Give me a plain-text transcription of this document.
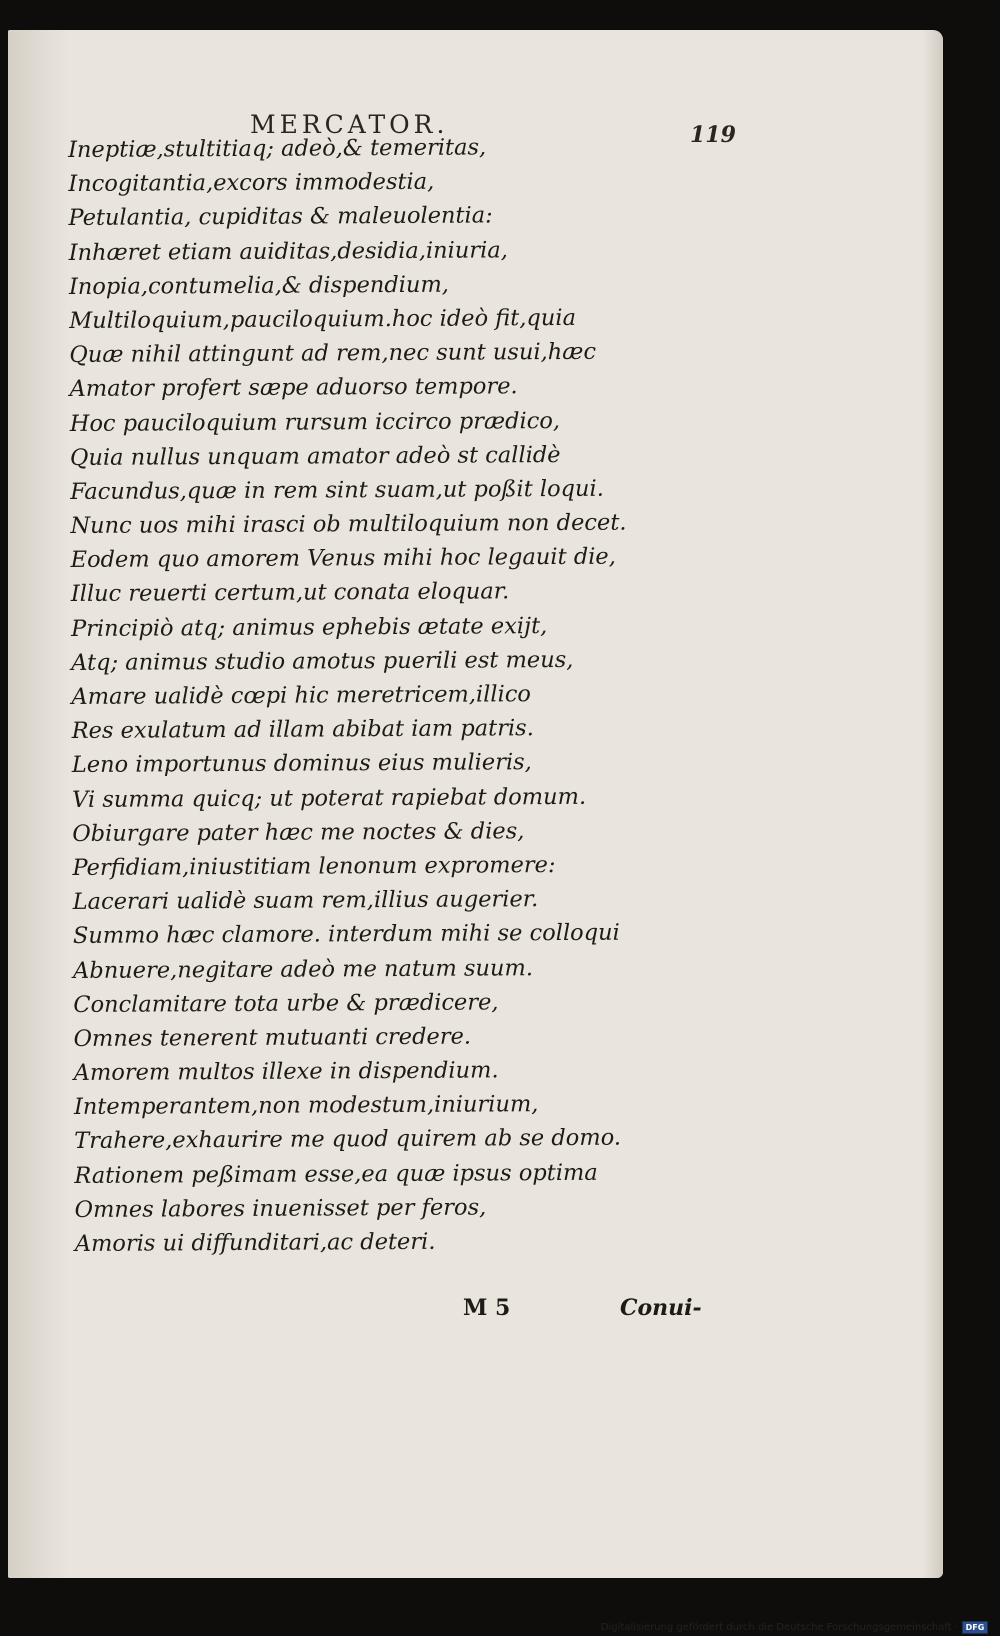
MERCATOR.	119
Ineptiæ,stultitiaq; adeò,& temeritas,
Incogitantia,excors immodestia,
Petulantia, cupiditas & maleuolentia:
Inhæret etiam auiditas,desidia,iniuria,
Inopia,contumelia,& dispendium,
Multiloquium,pauciloquium.hoc ideò fit,quia
Quæ nihil attingunt ad rem,nec sunt usui,hæc
Amator profert sæpe aduorso tempore.
Hoc pauciloquium rursum iccirco prædico,
Quia nullus unquam amator adeò st callidè
Facundus,quæ in rem sint suam,ut poßit loqui.
Nunc uos mihi irasci ob multiloquium non decet.
Eodem quo amorem Venus mihi hoc legauit die,
Illuc reuerti certum,ut conata eloquar.
Principiò atq; animus ephebis ætate exijt,
Atq; animus studio amotus puerili est meus,
Amare ualidè cœpi hic meretricem,illico
Res exulatum ad illam abibat iam patris.
Leno importunus dominus eius mulieris,
Vi summa quicq; ut poterat rapiebat domum.
Obiurgare pater hæc me noctes & dies,
Perfidiam,iniustitiam lenonum expromere:
Lacerari ualidè suam rem,illius augerier.
Summo hæc clamore. interdum mihi se colloqui
Abnuere,negitare adeò me natum suum.
Conclamitare tota urbe & prædicere,
Omnes tenerent mutuanti credere.
Amorem multos illexe in dispendium.
Intemperantem,non modestum,iniurium,
Trahere,exhaurire me quod quirem ab se domo.
Rationem peßimam esse,ea quæ ipsus optima
Omnes labores inuenisset per feros,
Amoris ui diffunditari,ac deteri.
M 5	Conui-
Digitalisierung gefördert durch die Deutsche Forschungsgemeinschaft · DFG
